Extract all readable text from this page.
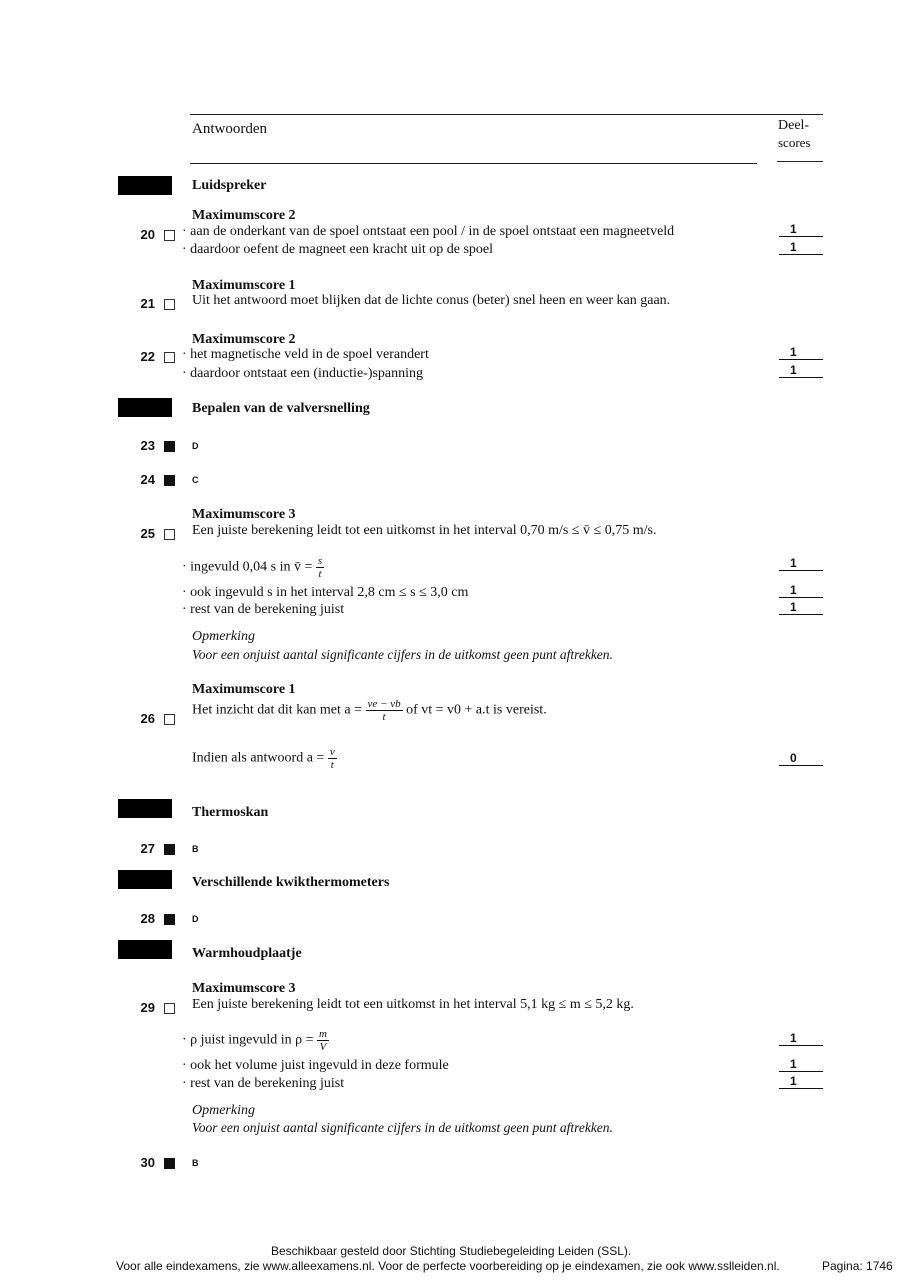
Antwoorden	Deel-
scores
Luidspreker
Maximumscore 2
20 · aan de onderkant van de spoel ontstaat een pool / in de spoel ontstaat een magneetveld	1
· daardoor oefent de magneet een kracht uit op de spoel	1
Maximumscore 1
21	Uit het antwoord moet blijken dat de lichte conus (beter) snel heen en weer kan gaan.
Maximumscore 2
22 · het magnetische veld in de spoel verandert	1
· daardoor ontstaat een (inductie-)spanning	1
Bepalen van de valversnelling
23	D
24	C
Maximumscore 3
25	Een juiste berekening leidt tot een uitkomst in het interval 0,70 m/s ≤ v̄ ≤ 0,75 m/s.
· ingevuld 0,04 s in v̄ = $\frac{s}{t}$	1
· ook ingevuld s in het interval 2,8 cm ≤ s ≤ 3,0 cm	1
· rest van de berekening juist	1
Opmerking
Voor een onjuist aantal significante cijfers in de uitkomst geen punt aftrekken.
Maximumscore 1
26
Het inzicht dat dit kan met $a = \frac{ve - vb}{t}$ of vt = v0 + a.t is vereist.
Indien als antwoord $a = \frac{v}{t}$	0
Thermoskan
27	B
Verschillende kwikthermometers
28	D
Warmhoudplaatje
Maximumscore 3
29	Een juiste berekening leidt tot een uitkomst in het interval 5,1 kg ≤ m ≤ 5,2 kg.
· ρ juist ingevuld in $\rho = \frac{m}{V}$	1
· ook het volume juist ingevuld in deze formule	1
· rest van de berekening juist	1
Opmerking
Voor een onjuist aantal significante cijfers in de uitkomst geen punt aftrekken.
30	B
Beschikbaar gesteld door Stichting Studiebegeleiding Leiden (SSL).
Voor alle eindexamens, zie www.alleexamens.nl. Voor de perfecte voorbereiding op je eindexamen, zie ook www.sslleiden.nl.	Pagina: 1746
